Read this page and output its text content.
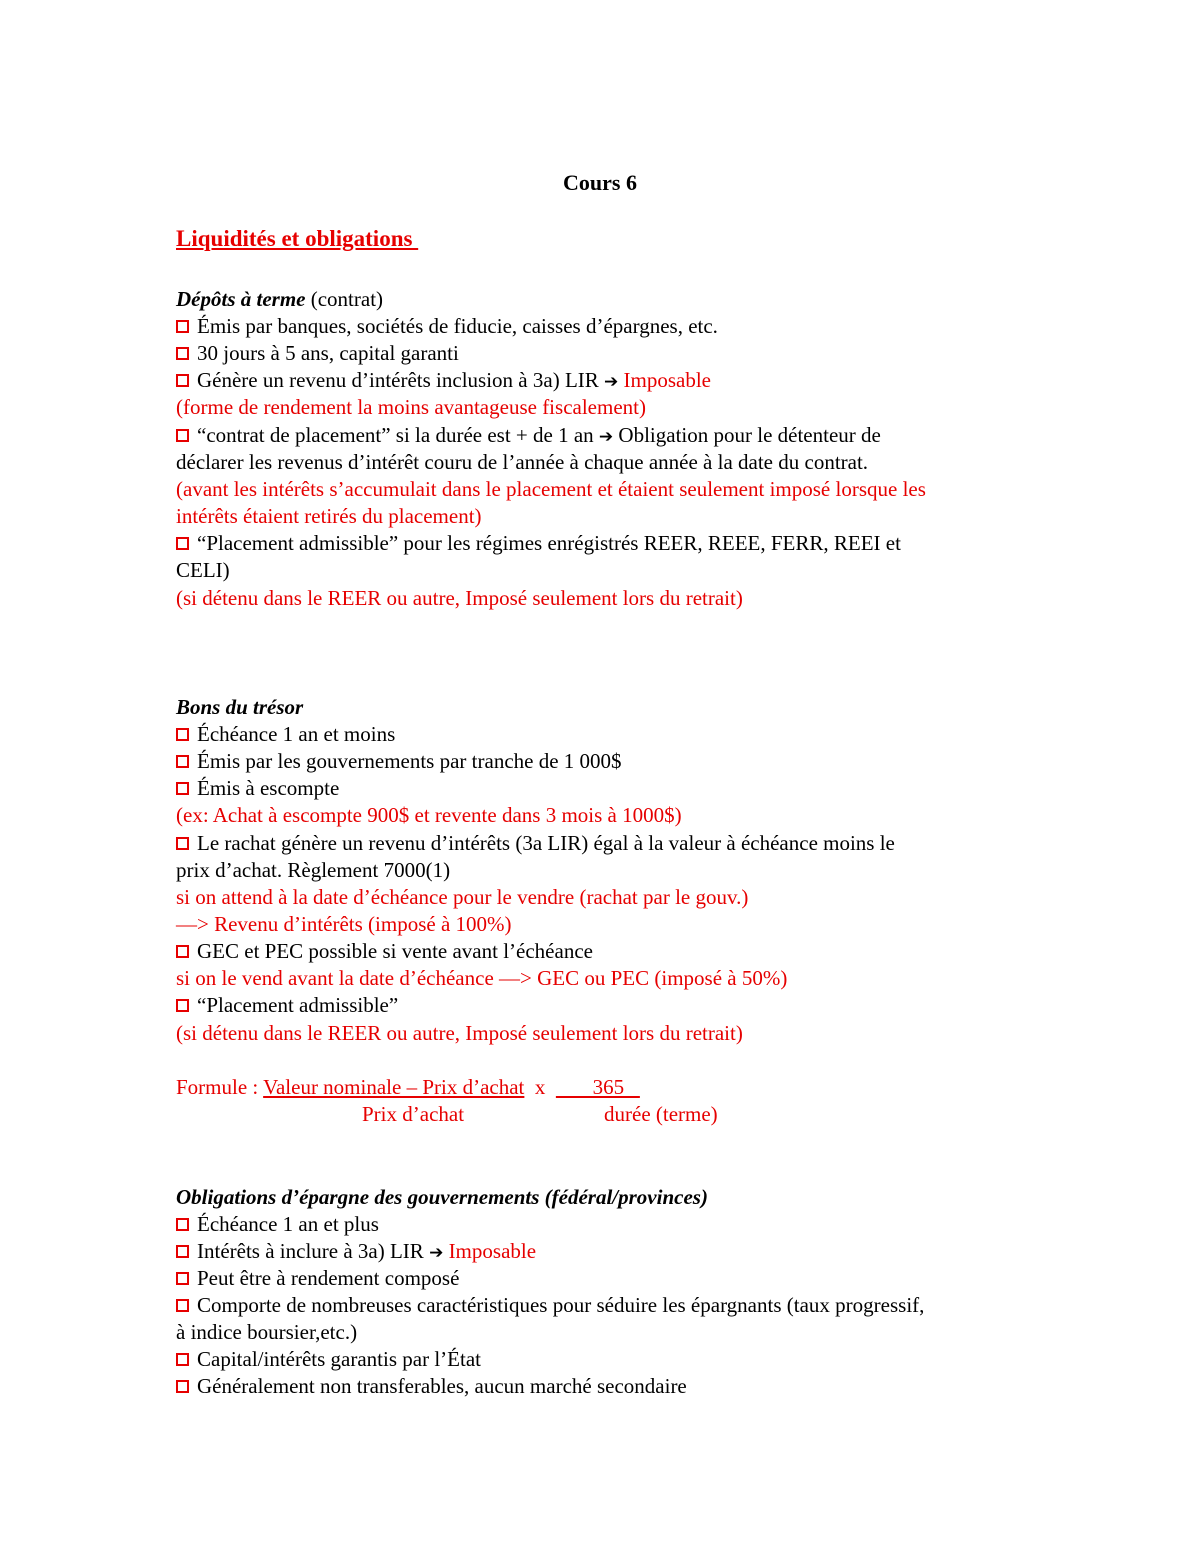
Cours 6
Liquidités et obligations
Dépôts à terme (contrat)
Émis par banques, sociétés de fiducie, caisses d’épargnes, etc.
30 jours à 5 ans, capital garanti
Génère un revenu d’intérêts inclusion à 3a) LIR ➔ Imposable
(forme de rendement la moins avantageuse fiscalement)
“contrat de placement” si la durée est + de 1 an ➔ Obligation pour le détenteur de
déclarer les revenus d’intérêt couru de l’année à chaque année à la date du contrat.
(avant les intérêts s’accumulait dans le placement et étaient seulement imposé lorsque les
intérêts étaient retirés du placement)
“Placement admissible” pour les régimes enrégistrés REER, REEE, FERR, REEI et
CELI)
(si détenu dans le REER ou autre, Imposé seulement lors du retrait)
Bons du trésor
Échéance 1 an et moins
Émis par les gouvernements par tranche de 1 000$
Émis à escompte
(ex: Achat à escompte 900$ et revente dans 3 mois à 1000$)
Le rachat génère un revenu d’intérêts (3a LIR) égal à la valeur à échéance moins le
prix d’achat. Règlement 7000(1)
si on attend à la date d’échéance pour le vendre (rachat par le gouv.)
—> Revenu d’intérêts (imposé à 100%)
GEC et PEC possible si vente avant l’échéance
si on le vend avant la date d’échéance —> GEC ou PEC (imposé à 50%)
“Placement admissible”
(si détenu dans le REER ou autre, Imposé seulement lors du retrait)
Formule : Valeur nominale – Prix d’achat  x         365
Prix d’achat	durée (terme)
Obligations d’épargne des gouvernements (fédéral/provinces)
Échéance 1 an et plus
Intérêts à inclure à 3a) LIR ➔ Imposable
Peut être à rendement composé
Comporte de nombreuses caractéristiques pour séduire les épargnants (taux progressif,
à indice boursier,etc.)
Capital/intérêts garantis par l’État
Généralement non transferables, aucun marché secondaire
